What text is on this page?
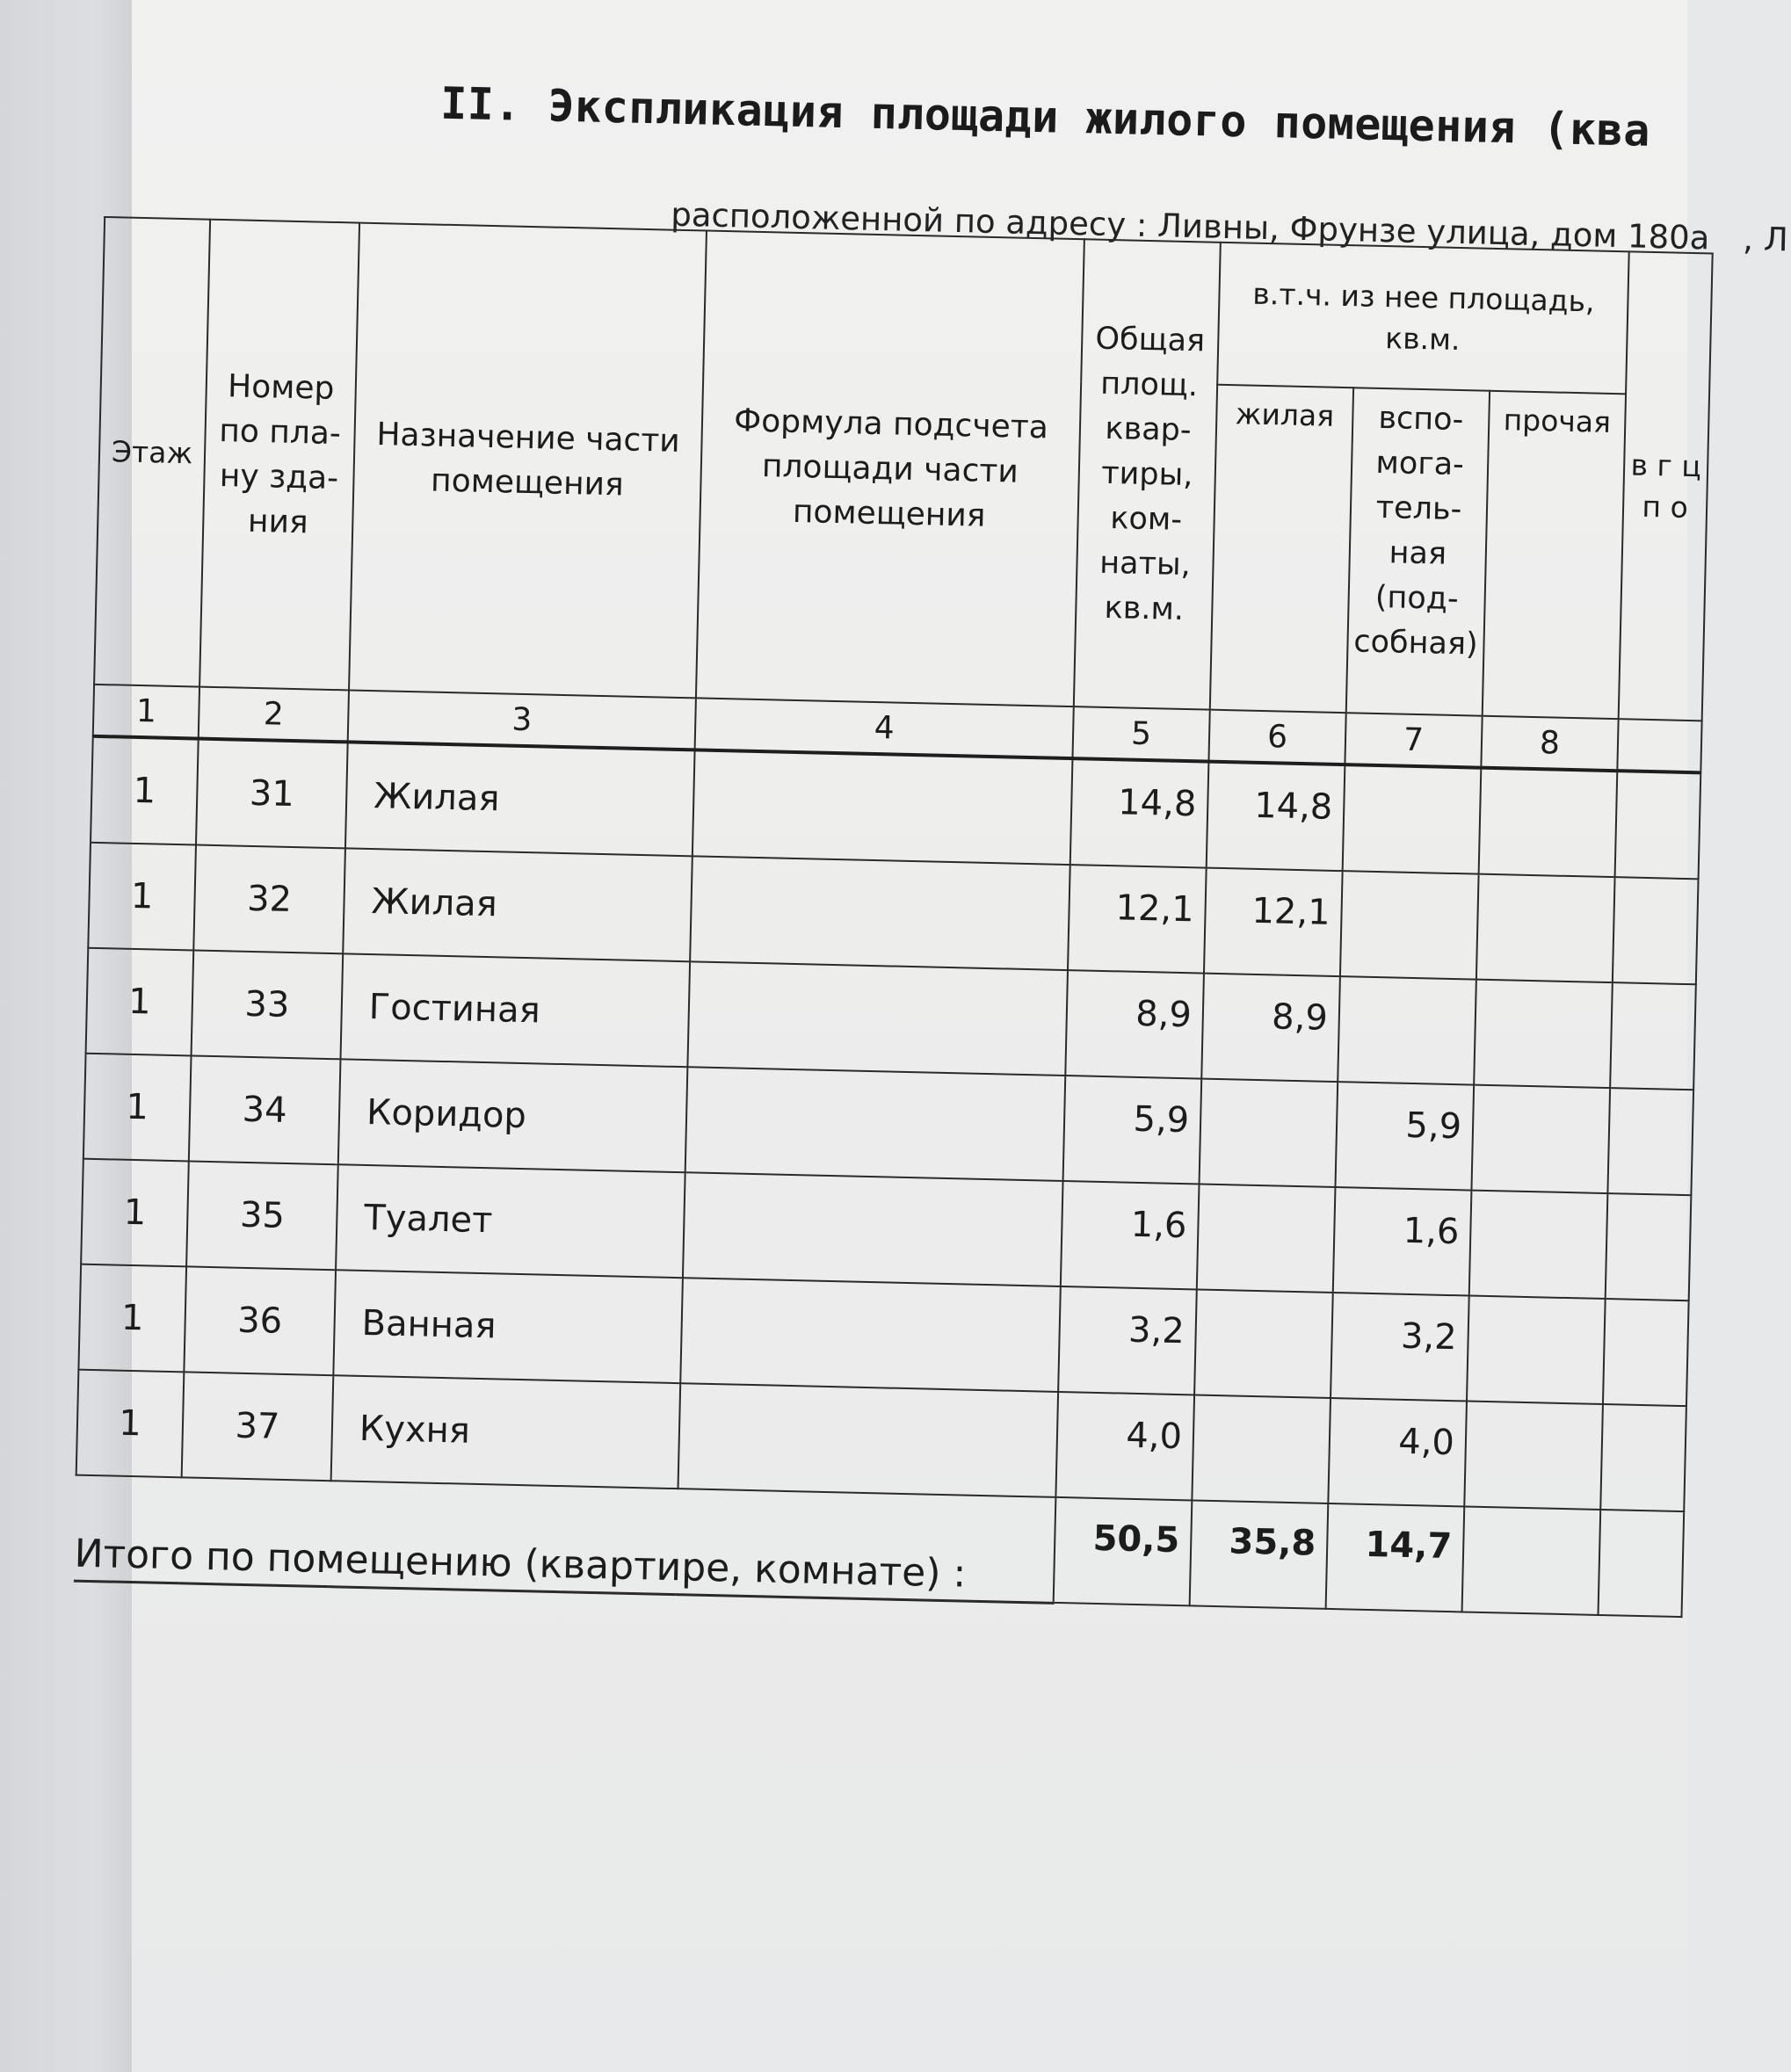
II. Экспликация площади жилого помещения (ква
расположенной по адресу : Ливны, Фрунзе улица, дом 180а , Л
Этаж	Номер по пла- ну зда- ния	Назначение части помещения	Формула подсчета площади части помещения	Общая площ. квар- тиры, ком- наты, кв.м.	в.т.ч. из нее площадь, кв.м.			в г ц п о
					жилая	вспо- мога- тель- ная (под- собная)	прочая	
1	2	3	4	5	6	7	8	
1	31	Жилая		14,8	14,8			
1	32	Жилая		12,1	12,1			
1	33	Гостиная		8,9	8,9			
1	34	Коридор		5,9		5,9		
1	35	Туалет		1,6		1,6		
1	36	Ванная		3,2		3,2		
1	37	Кухня		4,0		4,0		
Итого по помещению (квартире, комнате) :				50,5	35,8	14,7		
